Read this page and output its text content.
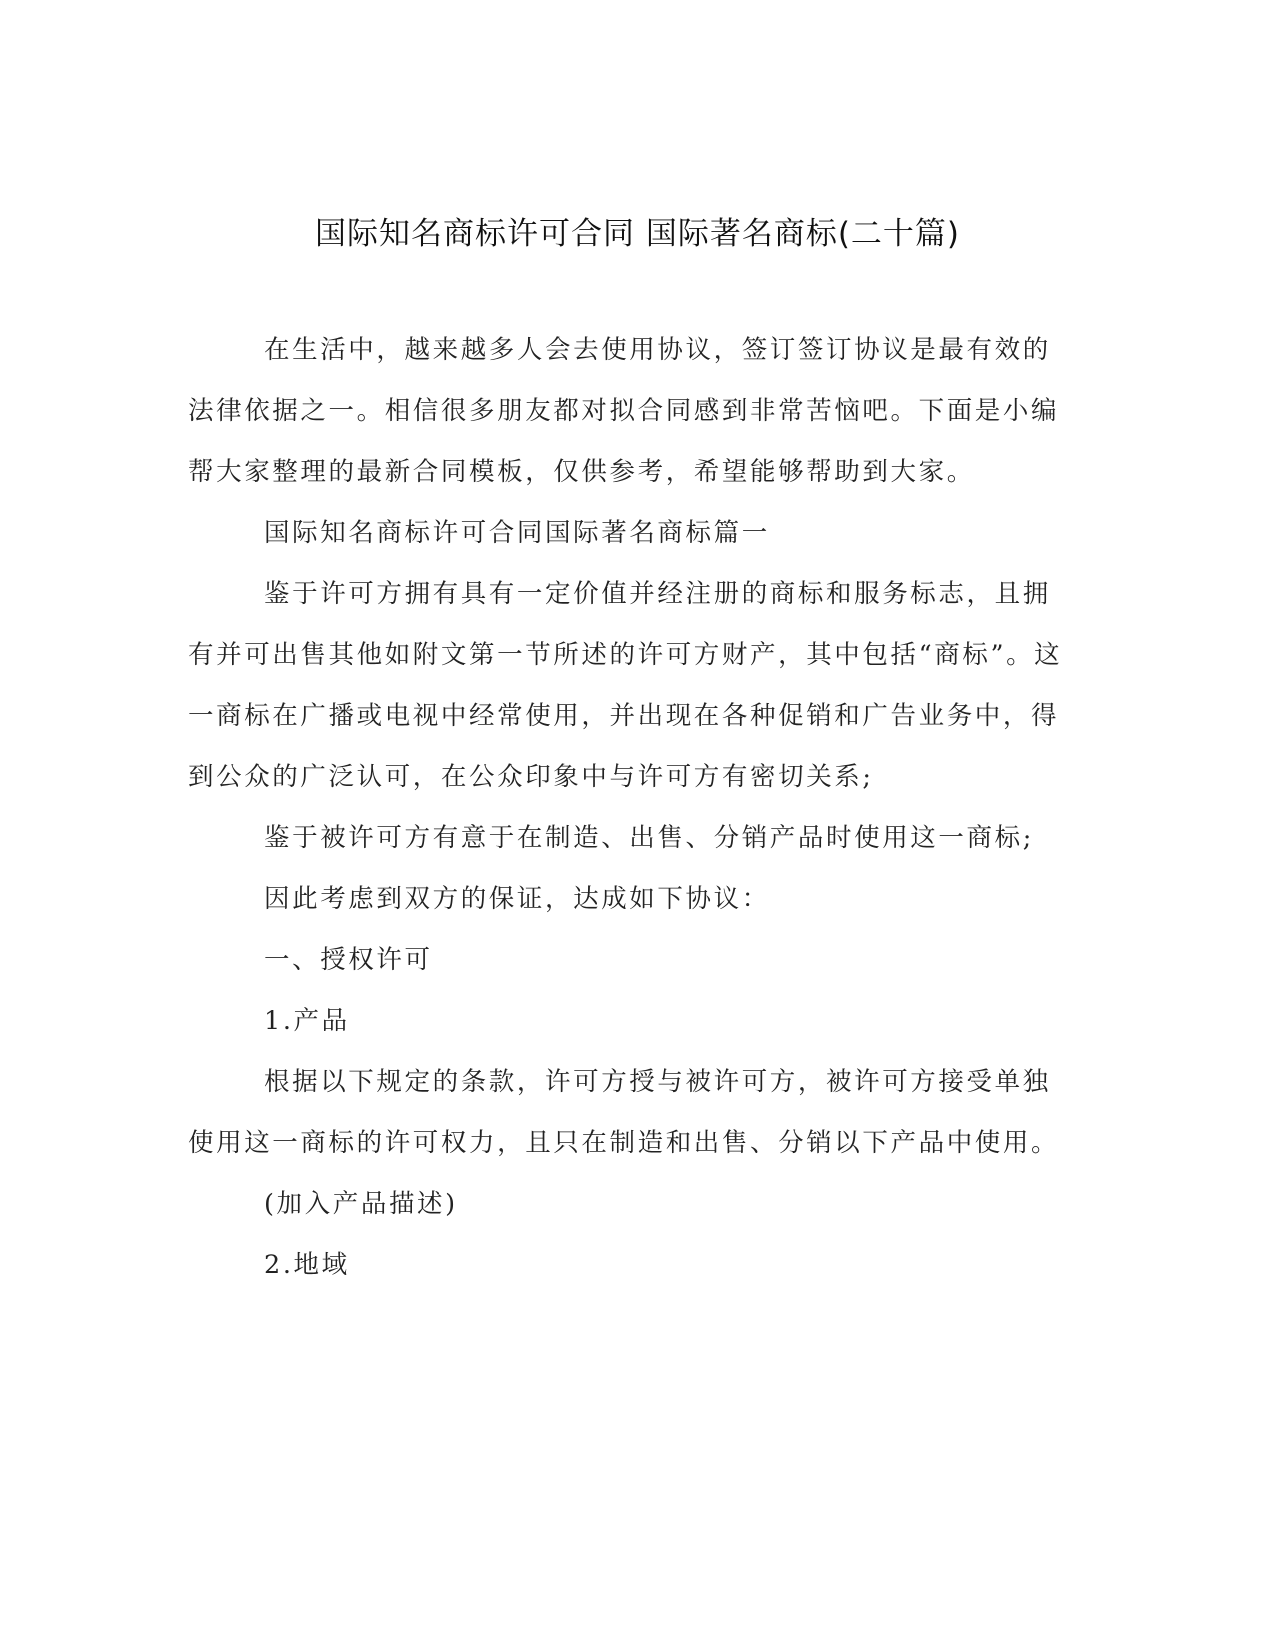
国际知名商标许可合同 国际著名商标(二十篇)

在生活中，越来越多人会去使用协议，签订签订协议是最有效的法律依据之一。相信很多朋友都对拟合同感到非常苦恼吧。下面是小编帮大家整理的最新合同模板，仅供参考，希望能够帮助到大家。

国际知名商标许可合同国际著名商标篇一

鉴于许可方拥有具有一定价值并经注册的商标和服务标志，且拥有并可出售其他如附文第一节所述的许可方财产，其中包括“商标”。这一商标在广播或电视中经常使用，并出现在各种促销和广告业务中，得到公众的广泛认可，在公众印象中与许可方有密切关系;

鉴于被许可方有意于在制造、出售、分销产品时使用这一商标;

因此考虑到双方的保证，达成如下协议：

一、授权许可

1.产品

根据以下规定的条款，许可方授与被许可方，被许可方接受单独使用这一商标的许可权力，且只在制造和出售、分销以下产品中使用。

(加入产品描述)

2.地域
